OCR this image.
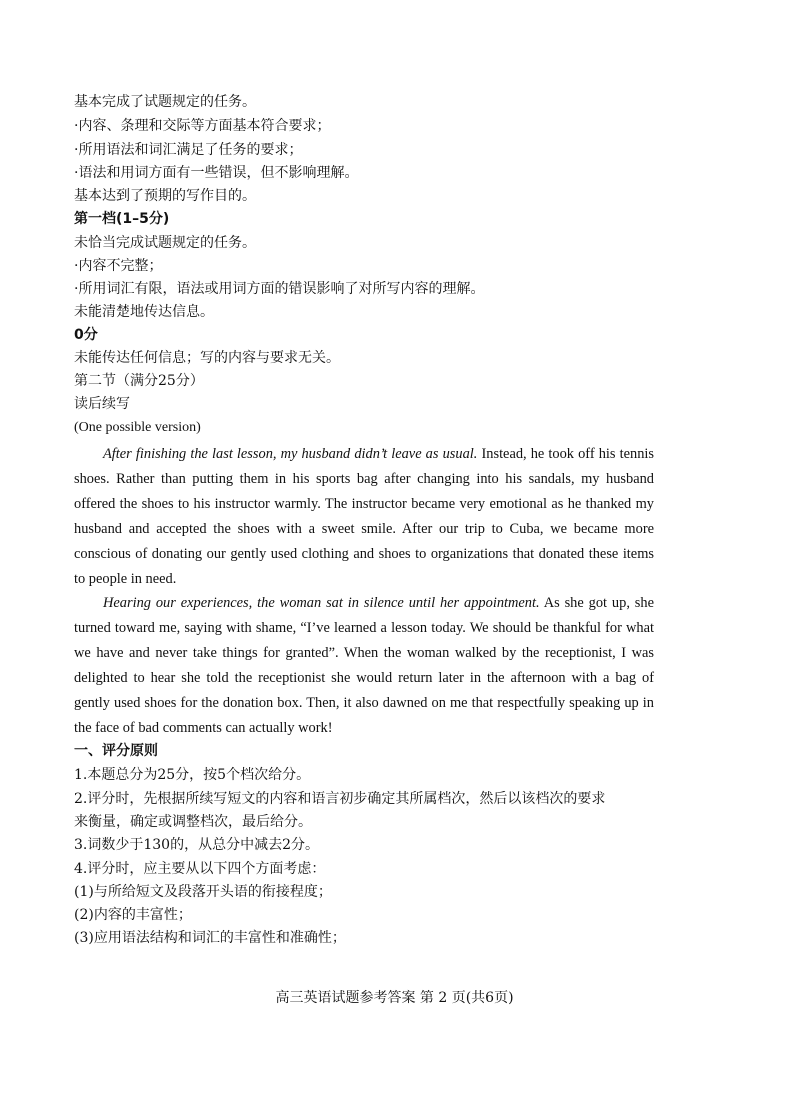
基本完成了试题规定的任务。
·内容、条理和交际等方面基本符合要求；
·所用语法和词汇满足了任务的要求；
·语法和用词方面有一些错误，但不影响理解。
基本达到了预期的写作目的。
第一档(1–5分)
未恰当完成试题规定的任务。
·内容不完整；
·所用词汇有限，语法或用词方面的错误影响了对所写内容的理解。
未能清楚地传达信息。
0分
未能传达任何信息；写的内容与要求无关。
第二节（满分25分）
读后续写
(One possible version)
After finishing the last lesson, my husband didn’t leave as usual. Instead, he took off his tennis shoes. Rather than putting them in his sports bag after changing into his sandals, my husband offered the shoes to his instructor warmly. The instructor became very emotional as he thanked my husband and accepted the shoes with a sweet smile. After our trip to Cuba, we became more conscious of donating our gently used clothing and shoes to organizations that donated these items to people in need.
Hearing our experiences, the woman sat in silence until her appointment. As she got up, she turned toward me, saying with shame, “I’ve learned a lesson today. We should be thankful for what we have and never take things for granted”. When the woman walked by the receptionist, I was delighted to hear she told the receptionist she would return later in the afternoon with a bag of gently used shoes for the donation box. Then, it also dawned on me that respectfully speaking up in the face of bad comments can actually work!
一、评分原则
1.本题总分为25分，按5个档次给分。
2.评分时，先根据所续写短文的内容和语言初步确定其所属档次，然后以该档次的要求
来衡量，确定或调整档次，最后给分。
3.词数少于130的，从总分中减去2分。
4.评分时，应主要从以下四个方面考虑：
(1)与所给短文及段落开头语的衔接程度；
(2)内容的丰富性；
(3)应用语法结构和词汇的丰富性和准确性；
高三英语试题参考答案 第 2 页(共6页)
